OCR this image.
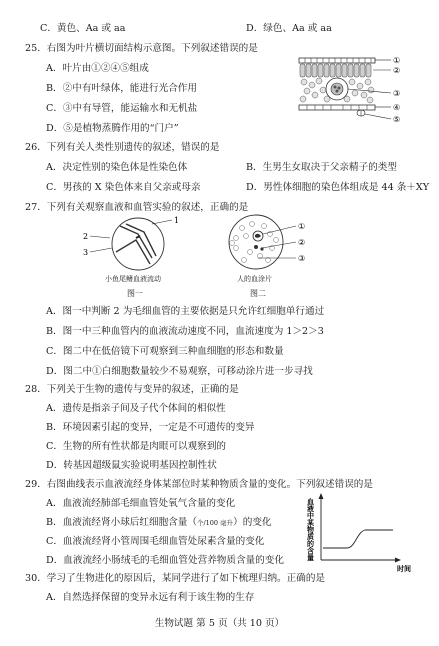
C．黄色、Aa 或 aa	D．绿色、Aa 或 aa
25．右图为叶片横切面结构示意图。下列叙述错误的是
A．叶片由①②④⑤组成
B．②中有叶绿体，能进行光合作用
C．③中有导管，能运输水和无机盐
D．⑤是植物蒸腾作用的“门户”
①
②
③
④
⑤
26．下列有关人类性别遗传的叙述，错误的是
A．决定性别的染色体是性染色体	B．生男生女取决于父亲精子的类型
C．男孩的 X 染色体来自父亲或母亲	D．男性体细胞的染色体组成是 44 条＋XY
27．下列有关观察血液和血管实验的叙述，正确的是
1
2
3
小鱼尾鳍血液流动
图一
①
②
③
人的血涂片
图二
A．图一中判断 2 为毛细血管的主要依据是只允许红细胞单行通过
B．图一中三种血管内的血液流动速度不同，血流速度为 1＞2＞3
C．图二中在低倍镜下可观察到三种血细胞的形态和数量
D．图二中①白细胞数量较少不易观察，可移动涂片进一步寻找
28．下列关于生物的遗传与变异的叙述，正确的是
A．遗传是指亲子间及子代个体间的相似性
B．环境因素引起的变异，一定是不可遗传的变异
C．生物的所有性状都是肉眼可以观察到的
D．转基因超级鼠实验说明基因控制性状
29．右图曲线表示血液流经身体某部位时某种物质含量的变化。下列叙述错误的是
A．血液流经肺部毛细血管处氧气含量的变化
B．血液流经肾小球后红细胞含量（个/100 毫升）的变化
C．血液流经肾小管周围毛细血管处尿素含量的变化
D．血液流经小肠绒毛的毛细血管处营养物质含量的变化	血液中某物质的含量
时间
30．学习了生物进化的原因后，某同学进行了如下梳理归纳。正确的是
A．自然选择保留的变异永远有利于该生物的生存
生物试题 第 5 页（共 10 页）
